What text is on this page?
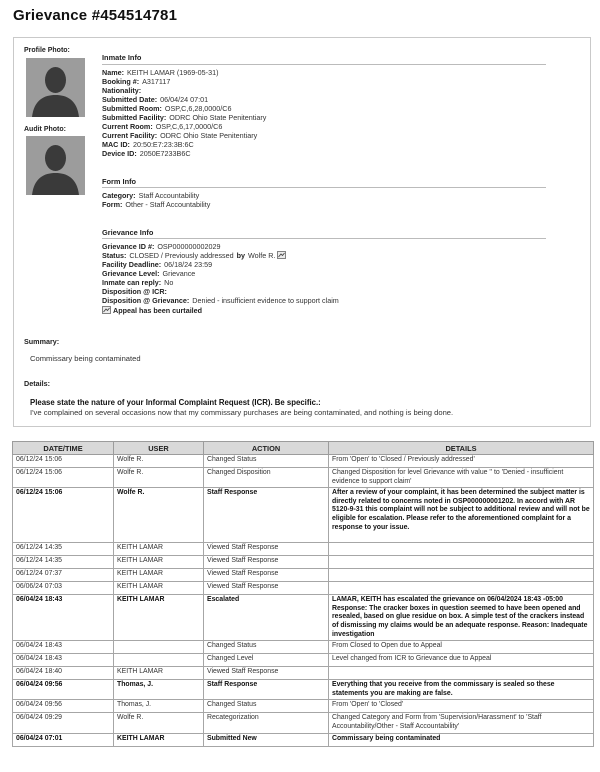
Grievance #454514781
Profile Photo:
Audit Photo:
Inmate Info
Name: KEITH LAMAR (1969-05-31)
Booking #: A317117
Nationality:
Submitted Date: 06/04/24 07:01
Submitted Room: OSP,C,6,28,0000/C6
Submitted Facility: ODRC Ohio State Penitentiary
Current Room: OSP,C,6,17,0000/C6
Current Facility: ODRC Ohio State Penitentiary
MAC ID: 20:50:E7:23:3B:6C
Device ID: 2050E7233B6C
Form Info
Category: Staff Accountability
Form: Other - Staff Accountability
Grievance Info
Grievance ID #: OSP000000002029
Status: CLOSED / Previously addressed by Wolfe R.
Facility Deadline: 06/18/24 23:59
Grievance Level: Grievance
Inmate can reply: No
Disposition @ ICR:
Disposition @ Grievance: Denied - insufficient evidence to support claim
Appeal has been curtailed
Summary:
Commissary being contaminated
Details:
Please state the nature of your Informal Complaint Request (ICR). Be specific.:
I've complained on several occasions now that my commissary purchases are being contaminated, and nothing is being done.
DATE/TIME	USER	ACTION	DETAILS
06/12/24 15:06	Wolfe R.	Changed Status	From 'Open' to 'Closed / Previously addressed'
06/12/24 15:06	Wolfe R.	Changed Disposition	Changed Disposition for level Grievance with value '' to 'Denied - insufficient evidence to support claim'
06/12/24 15:06	Wolfe R.	Staff Response	After a review of your complaint, it has been determined the subject matter is directly related to concerns noted in OSP000000001202. In accord with AR 5120-9-31 this complaint will not be subject to additional review and will not be eligible for escalation. Please refer to the aforementioned complaint for a response to your issue.
06/12/24 14:35	KEITH LAMAR	Viewed Staff Response	
06/12/24 14:35	KEITH LAMAR	Viewed Staff Response	
06/12/24 07:37	KEITH LAMAR	Viewed Staff Response	
06/06/24 07:03	KEITH LAMAR	Viewed Staff Response	
06/04/24 18:43	KEITH LAMAR	Escalated	LAMAR, KEITH has escalated the grievance on 06/04/2024 18:43 -05:00 Response: The cracker boxes in question seemed to have been opened and resealed, based on glue residue on box. A simple test of the crackers instead of dismissing my claims would be an adequate response. Reason: Inadequate investigation
06/04/24 18:43		Changed Status	From Closed to Open due to Appeal
06/04/24 18:43		Changed Level	Level changed from ICR to Grievance due to Appeal
06/04/24 18:40	KEITH LAMAR	Viewed Staff Response	
06/04/24 09:56	Thomas, J.	Staff Response	Everything that you receive from the commissary is sealed so these statements you are making are false.
06/04/24 09:56	Thomas, J.	Changed Status	From 'Open' to 'Closed'
06/04/24 09:29	Wolfe R.	Recategorization	Changed Category and Form from 'Supervision/Harassment' to 'Staff Accountability/Other - Staff Accountability'
06/04/24 07:01	KEITH LAMAR	Submitted New	Commissary being contaminated
